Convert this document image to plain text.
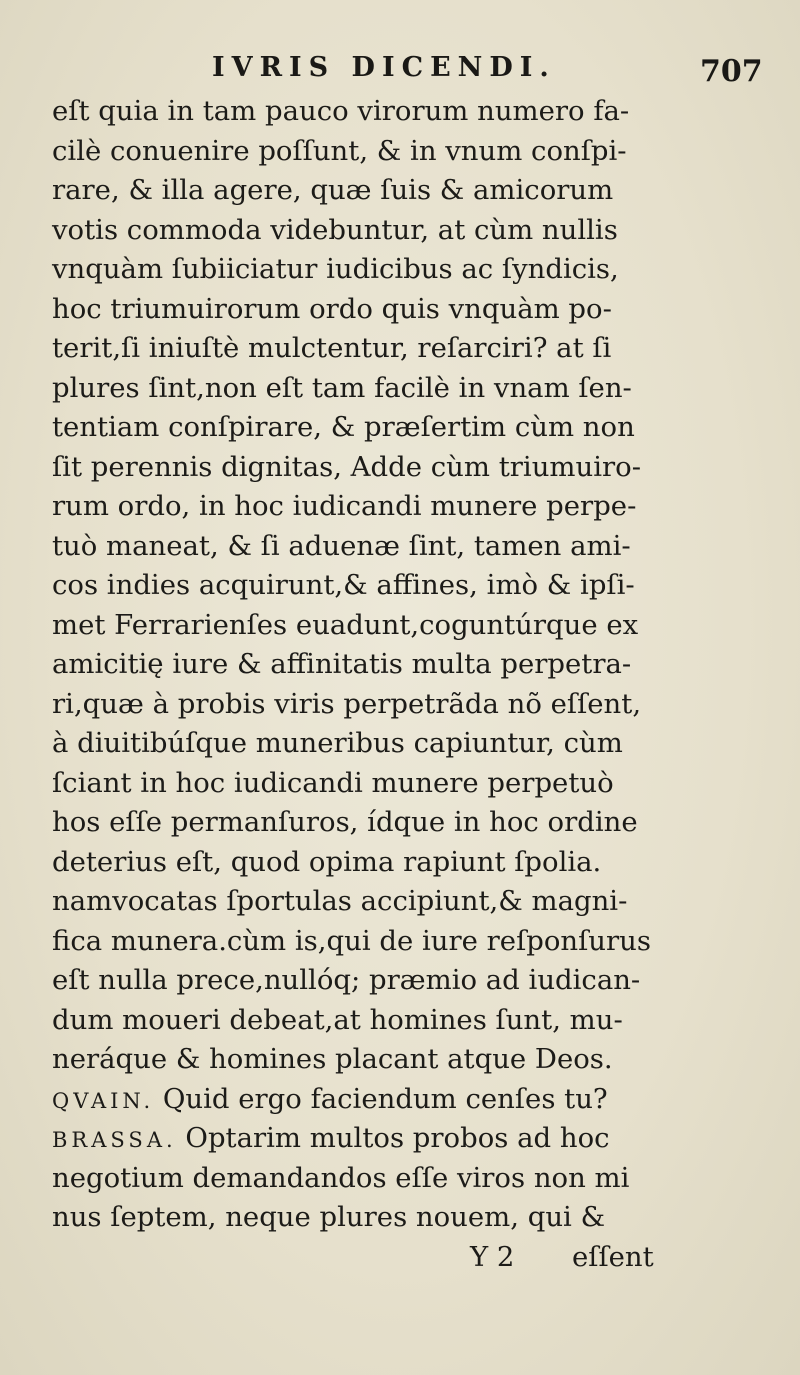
IVRIS DICENDI.	707
eſt quia in tam pauco virorum numero fa-
cilè conuenire poſſunt, & in vnum conſpi-
rare, & illa agere, quæ ſuis & amicorum
votis commoda videbuntur, at cùm nullis
vnquàm ſubiiciatur iudicibus ac ſyndicis,
hoc triumuirorum ordo quis vnquàm po-
terit,ſi iniuſtè mulctentur, reſarciri? at ſi
plures ſint,non eſt tam facilè in vnam ſen-
tentiam conſpirare, & præſertim cùm non
ſit perennis dignitas, Adde cùm triumuiro-
rum ordo, in hoc iudicandi munere perpe-
tuò maneat, & ſi aduenæ ſint, tamen ami-
cos indies acquirunt,& affines, imò & ipſi-
met Ferrarienſes euadunt,coguntúrque ex
amicitię iure & affinitatis multa perpetra-
ri,quæ à probis viris perpetrãda nõ eſſent,
à diuitibúſque muneribus capiuntur, cùm
ſciant in hoc iudicandi munere perpetuò
hos eſſe permanſuros, ídque in hoc ordine
deterius eſt, quod opima rapiunt ſpolia.
namvocatas ſportulas accipiunt,& magni-
fica munera.cùm is,qui de iure reſponſurus
eſt nulla prece,nullóq; præmio ad iudican-
dum moueri debeat,at homines ſunt, mu-
neráque & homines placant atque Deos.
QVAIN. Quid ergo faciendum cenſes tu?
BRASSA. Optarim multos probos ad hoc
negotium demandandos eſſe viros non mi
nus ſeptem, neque plures nouem, qui &
Y 2 eſſent
